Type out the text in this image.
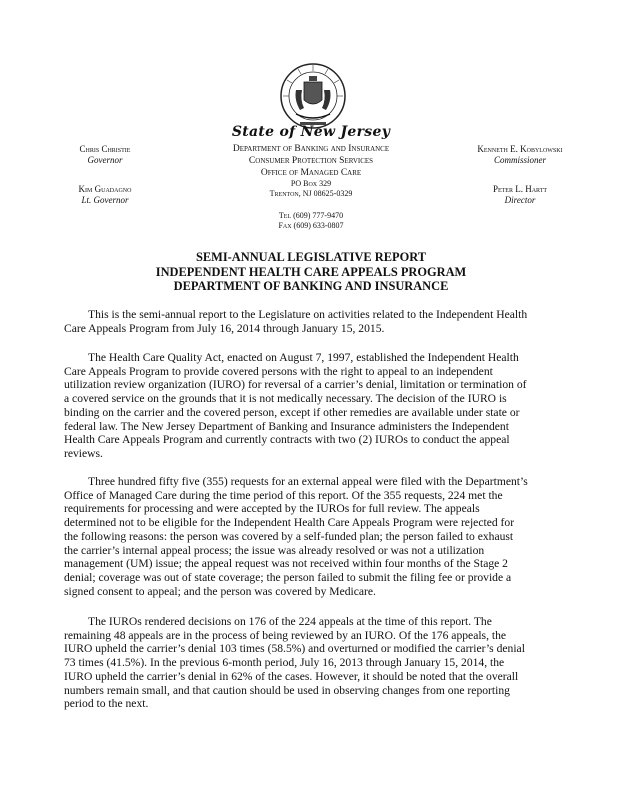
Chris Christie
Governor
Kim Guadagno
Lt. Governor
Kenneth E. Kobylowski
Commissioner
Peter L. Hartt
Director
State of New Jersey
Department of Banking and Insurance
Consumer Protection Services
Office of Managed Care
PO Box 329
Trenton, NJ 08625-0329
Tel (609) 777-9470
Fax (609) 633-0807
SEMI-ANNUAL LEGISLATIVE REPORT
INDEPENDENT HEALTH CARE APPEALS PROGRAM
DEPARTMENT OF BANKING AND INSURANCE
This is the semi-annual report to the Legislature on activities related to the Independent Health
Care Appeals Program from July 16, 2014 through January 15, 2015.
The Health Care Quality Act, enacted on August 7, 1997, established the Independent Health
Care Appeals Program to provide covered persons with the right to appeal to an independent
utilization review organization (IURO) for reversal of a carrier’s denial, limitation or termination of
a covered service on the grounds that it is not medically necessary. The decision of the IURO is
binding on the carrier and the covered person, except if other remedies are available under state or
federal law. The New Jersey Department of Banking and Insurance administers the Independent
Health Care Appeals Program and currently contracts with two (2) IUROs to conduct the appeal
reviews.
Three hundred fifty five (355) requests for an external appeal were filed with the Department’s
Office of Managed Care during the time period of this report. Of the 355 requests, 224 met the
requirements for processing and were accepted by the IUROs for full review. The appeals
determined not to be eligible for the Independent Health Care Appeals Program were rejected for
the following reasons: the person was covered by a self-funded plan; the person failed to exhaust
the carrier’s internal appeal process; the issue was already resolved or was not a utilization
management (UM) issue; the appeal request was not received within four months of the Stage 2
denial; coverage was out of state coverage; the person failed to submit the filing fee or provide a
signed consent to appeal; and the person was covered by Medicare.
The IUROs rendered decisions on 176 of the 224 appeals at the time of this report. The
remaining 48 appeals are in the process of being reviewed by an IURO. Of the 176 appeals, the
IURO upheld the carrier’s denial 103 times (58.5%) and overturned or modified the carrier’s denial
73 times (41.5%). In the previous 6-month period, July 16, 2013 through January 15, 2014, the
IURO upheld the carrier’s denial in 62% of the cases. However, it should be noted that the overall
numbers remain small, and that caution should be used in observing changes from one reporting
period to the next.
